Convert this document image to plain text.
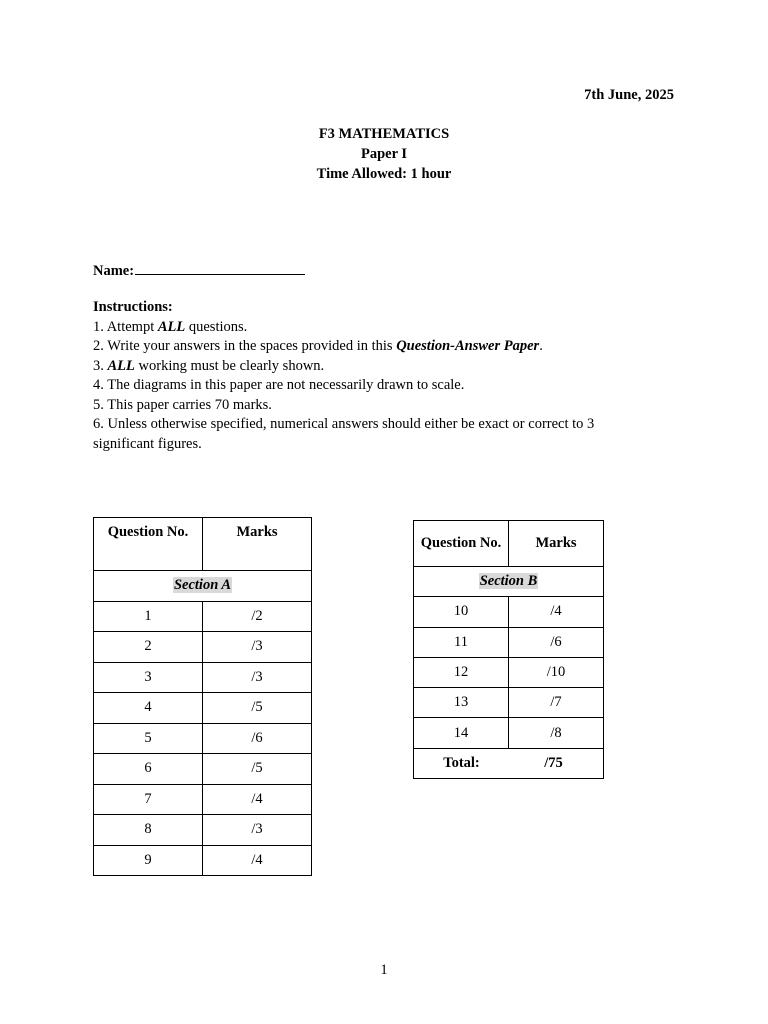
7th June, 2025
F3 MATHEMATICS
Paper I
Time Allowed: 1 hour
Name:
Instructions:

1. Attempt ALL questions.

2. Write your answers in the spaces provided in this Question-Answer Paper.

3. ALL working must be clearly shown.

4. The diagrams in this paper are not necessarily drawn to scale.

5. This paper carries 70 marks.

6. Unless otherwise specified, numerical answers should either be exact or correct to 3 significant figures.

Question No.	Marks
Section A	
1	/2
2	/3
3	/3
4	/5
5	/6
6	/5
7	/4
8	/3
9	/4
Question No.	Marks
Section B	
10	/4
11	/6
12	/10
13	/7
14	/8
Total: /75	
1
